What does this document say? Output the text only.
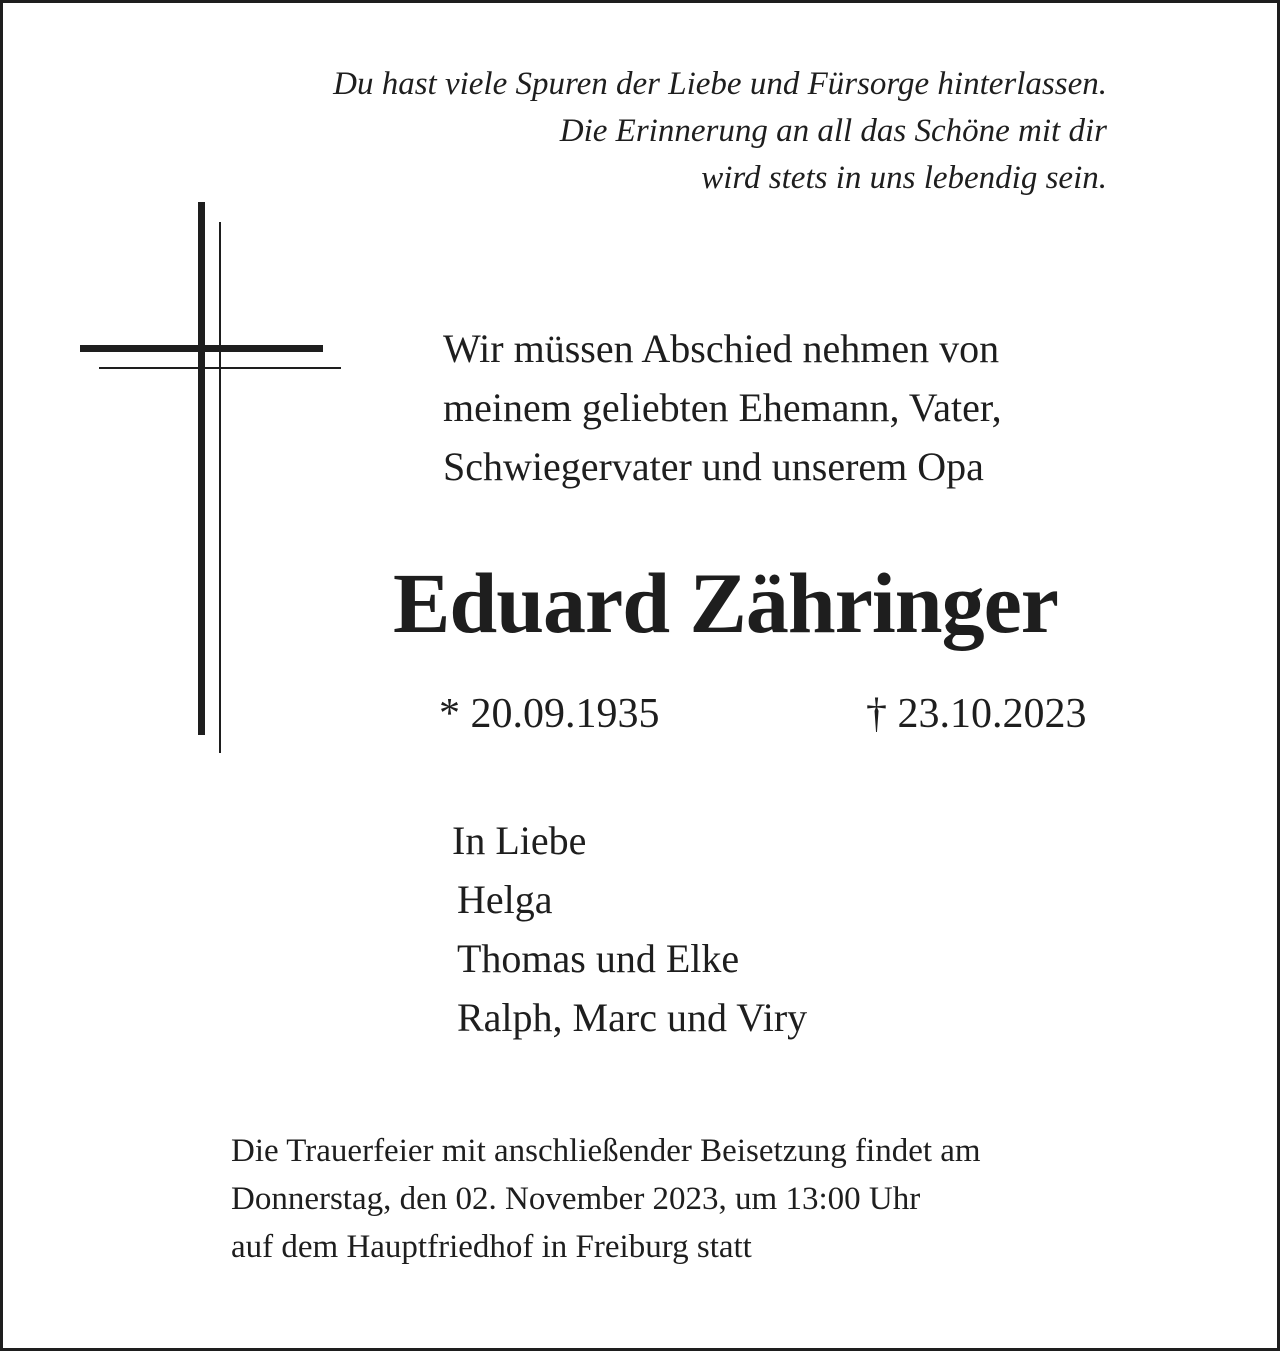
Du hast viele Spuren der Liebe und Fürsorge hinterlassen.
Die Erinnerung an all das Schöne mit dir
wird stets in uns lebendig sein.
Wir müssen Abschied nehmen von
meinem geliebten Ehemann, Vater,
Schwiegervater und unserem Opa
Eduard Zähringer
* 20.09.1935	† 23.10.2023
In Liebe
Helga
Thomas und Elke
Ralph, Marc und Viry
Die Trauerfeier mit anschließender Beisetzung findet am
Donnerstag, den 02. November 2023, um 13:00 Uhr
auf dem Hauptfriedhof in Freiburg statt
